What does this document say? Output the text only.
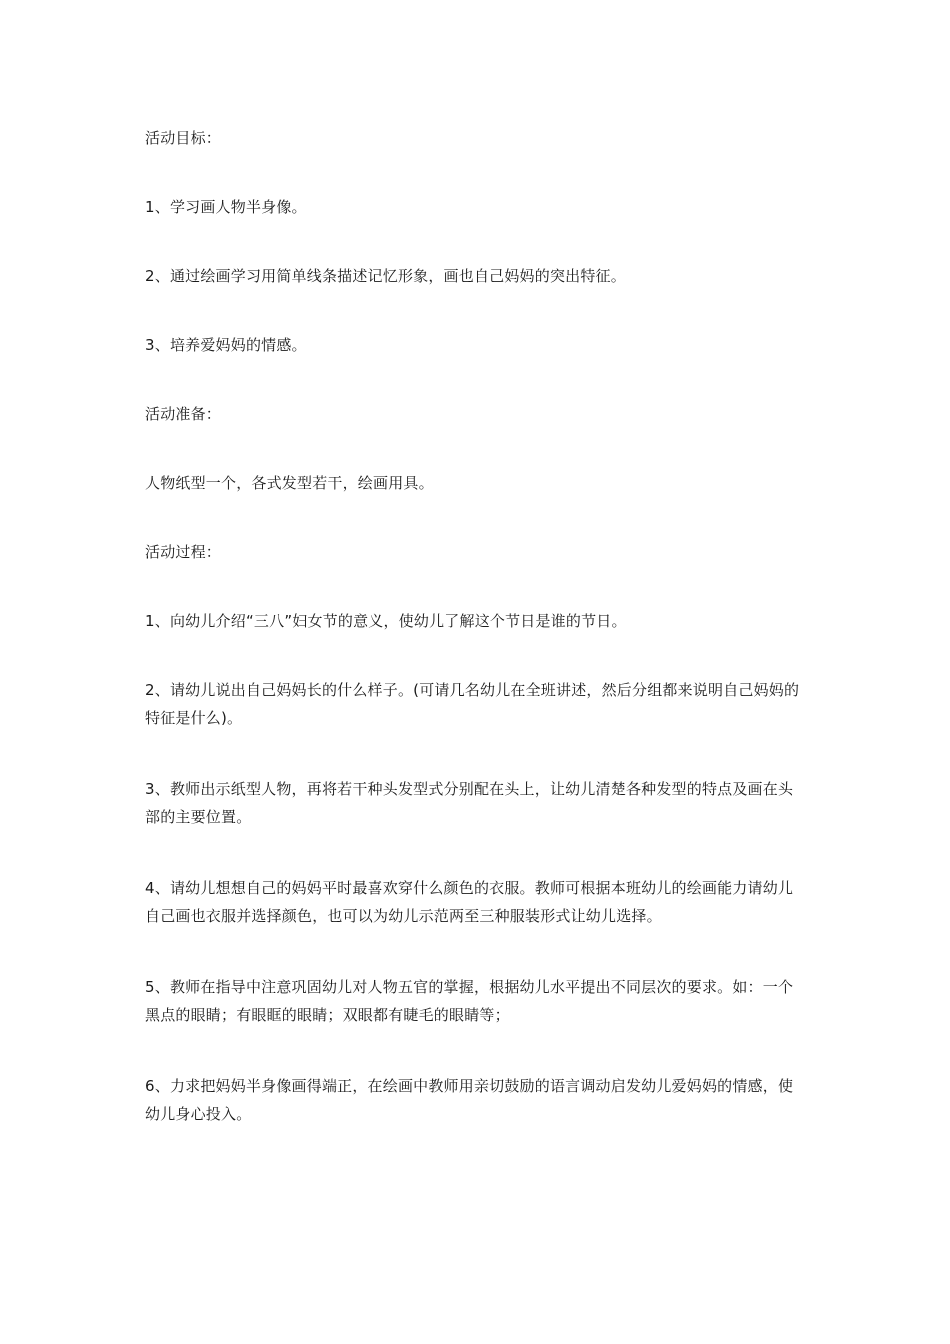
活动目标：

1、学习画人物半身像。

2、通过绘画学习用简单线条描述记忆形象，画也自己妈妈的突出特征。

3、培养爱妈妈的情感。

活动准备：

人物纸型一个，各式发型若干，绘画用具。

活动过程：

1、向幼儿介绍“三八”妇女节的意义，使幼儿了解这个节日是谁的节日。

2、请幼儿说出自己妈妈长的什么样子。(可请几名幼儿在全班讲述，然后分组都来说明自己妈妈的特征是什么)。

3、教师出示纸型人物，再将若干种头发型式分别配在头上，让幼儿清楚各种发型的特点及画在头部的主要位置。

4、请幼儿想想自己的妈妈平时最喜欢穿什么颜色的衣服。教师可根据本班幼儿的绘画能力请幼儿自己画也衣服并选择颜色，也可以为幼儿示范两至三种服装形式让幼儿选择。

5、教师在指导中注意巩固幼儿对人物五官的掌握，根据幼儿水平提出不同层次的要求。如：一个黑点的眼睛；有眼眶的眼睛；双眼都有睫毛的眼睛等；

6、力求把妈妈半身像画得端正，在绘画中教师用亲切鼓励的语言调动启发幼儿爱妈妈的情感，使幼儿身心投入。
